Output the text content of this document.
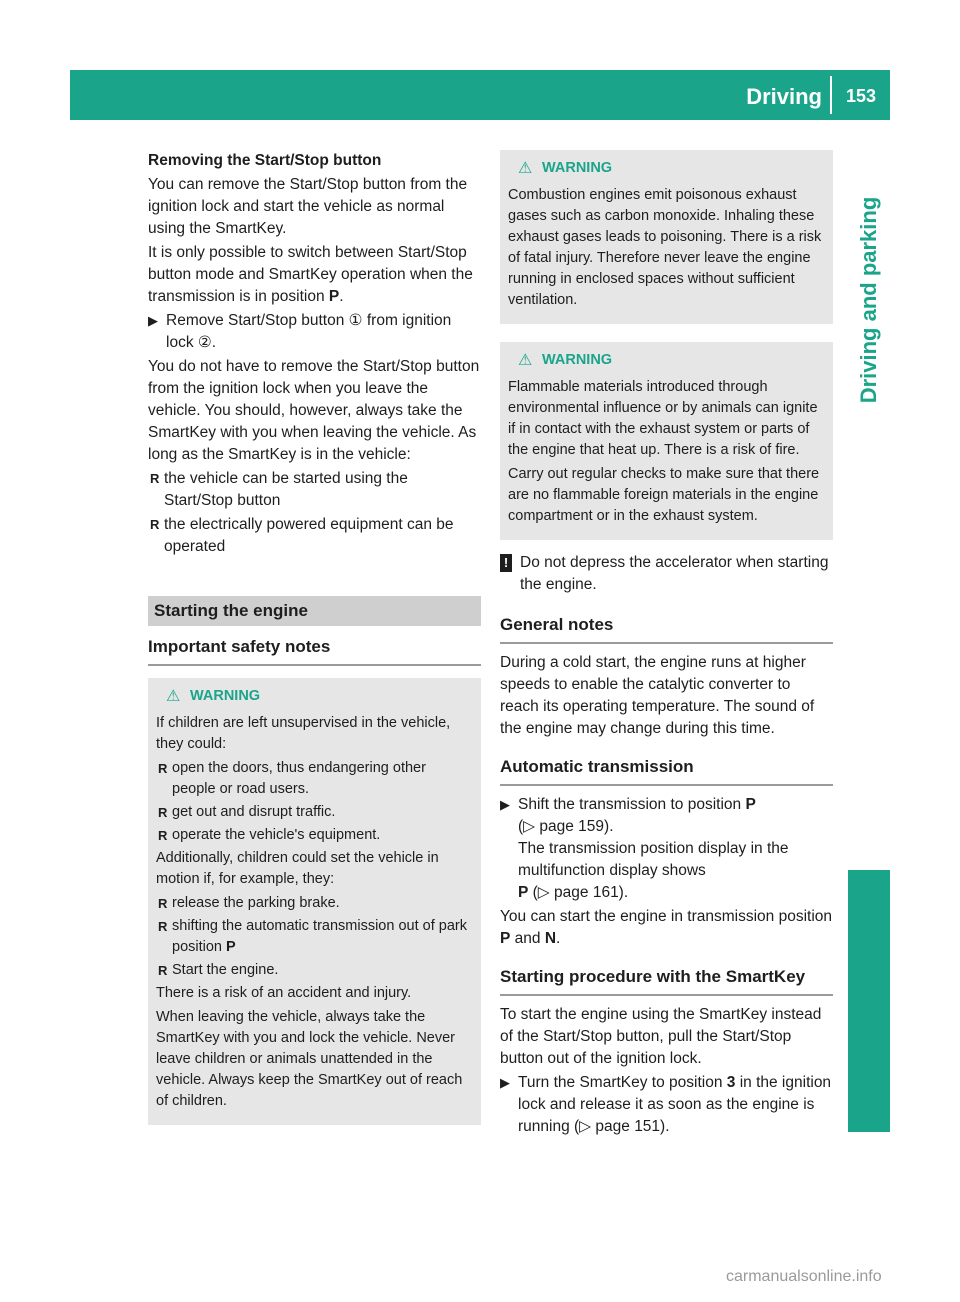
Driving 153
Driving and parking

Removing the Start/Stop button

You can remove the Start/Stop button from the ignition lock and start the vehicle as normal using the SmartKey.

It is only possible to switch between Start/Stop button mode and SmartKey operation when the transmission is in position P.

▶ Remove Start/Stop button ① from ignition lock ②.

You do not have to remove the Start/Stop button from the ignition lock when you leave the vehicle. You should, however, always take the SmartKey with you when leaving the vehicle. As long as the SmartKey is in the vehicle:

R the vehicle can be started using the Start/Stop button
R the electrically powered equipment can be operated
Starting the engine
Important safety notes
⚠ WARNING

If children are left unsupervised in the vehicle, they could:

R open the doors, thus endangering other people or road users.
R get out and disrupt traffic.
R operate the vehicle's equipment.

Additionally, children could set the vehicle in motion if, for example, they:

R release the parking brake.
R shifting the automatic transmission out of park position P
R Start the engine.

There is a risk of an accident and injury.

When leaving the vehicle, always take the SmartKey with you and lock the vehicle. Never leave children or animals unattended in the vehicle. Always keep the SmartKey out of reach of children.

⚠ WARNING

Combustion engines emit poisonous exhaust gases such as carbon monoxide. Inhaling these exhaust gases leads to poisoning. There is a risk of fatal injury. Therefore never leave the engine running in enclosed spaces without sufficient ventilation.

⚠ WARNING

Flammable materials introduced through environmental influence or by animals can ignite if in contact with the exhaust system or parts of the engine that heat up. There is a risk of fire.

Carry out regular checks to make sure that there are no flammable foreign materials in the engine compartment or in the exhaust system.

! Do not depress the accelerator when starting the engine.
General notes

During a cold start, the engine runs at higher speeds to enable the catalytic converter to reach its operating temperature. The sound of the engine may change during this time.

Automatic transmission
▶ Shift the transmission to position P
(▷ page 159).
The transmission position display in the multifunction display shows
P (▷ page 161).

You can start the engine in transmission position P and N.

Starting procedure with the SmartKey

To start the engine using the SmartKey instead of the Start/Stop button, pull the Start/Stop button out of the ignition lock.

▶ Turn the SmartKey to position 3 in the ignition lock and release it as soon as the engine is running (▷ page 151).
carmanualsonline.info
